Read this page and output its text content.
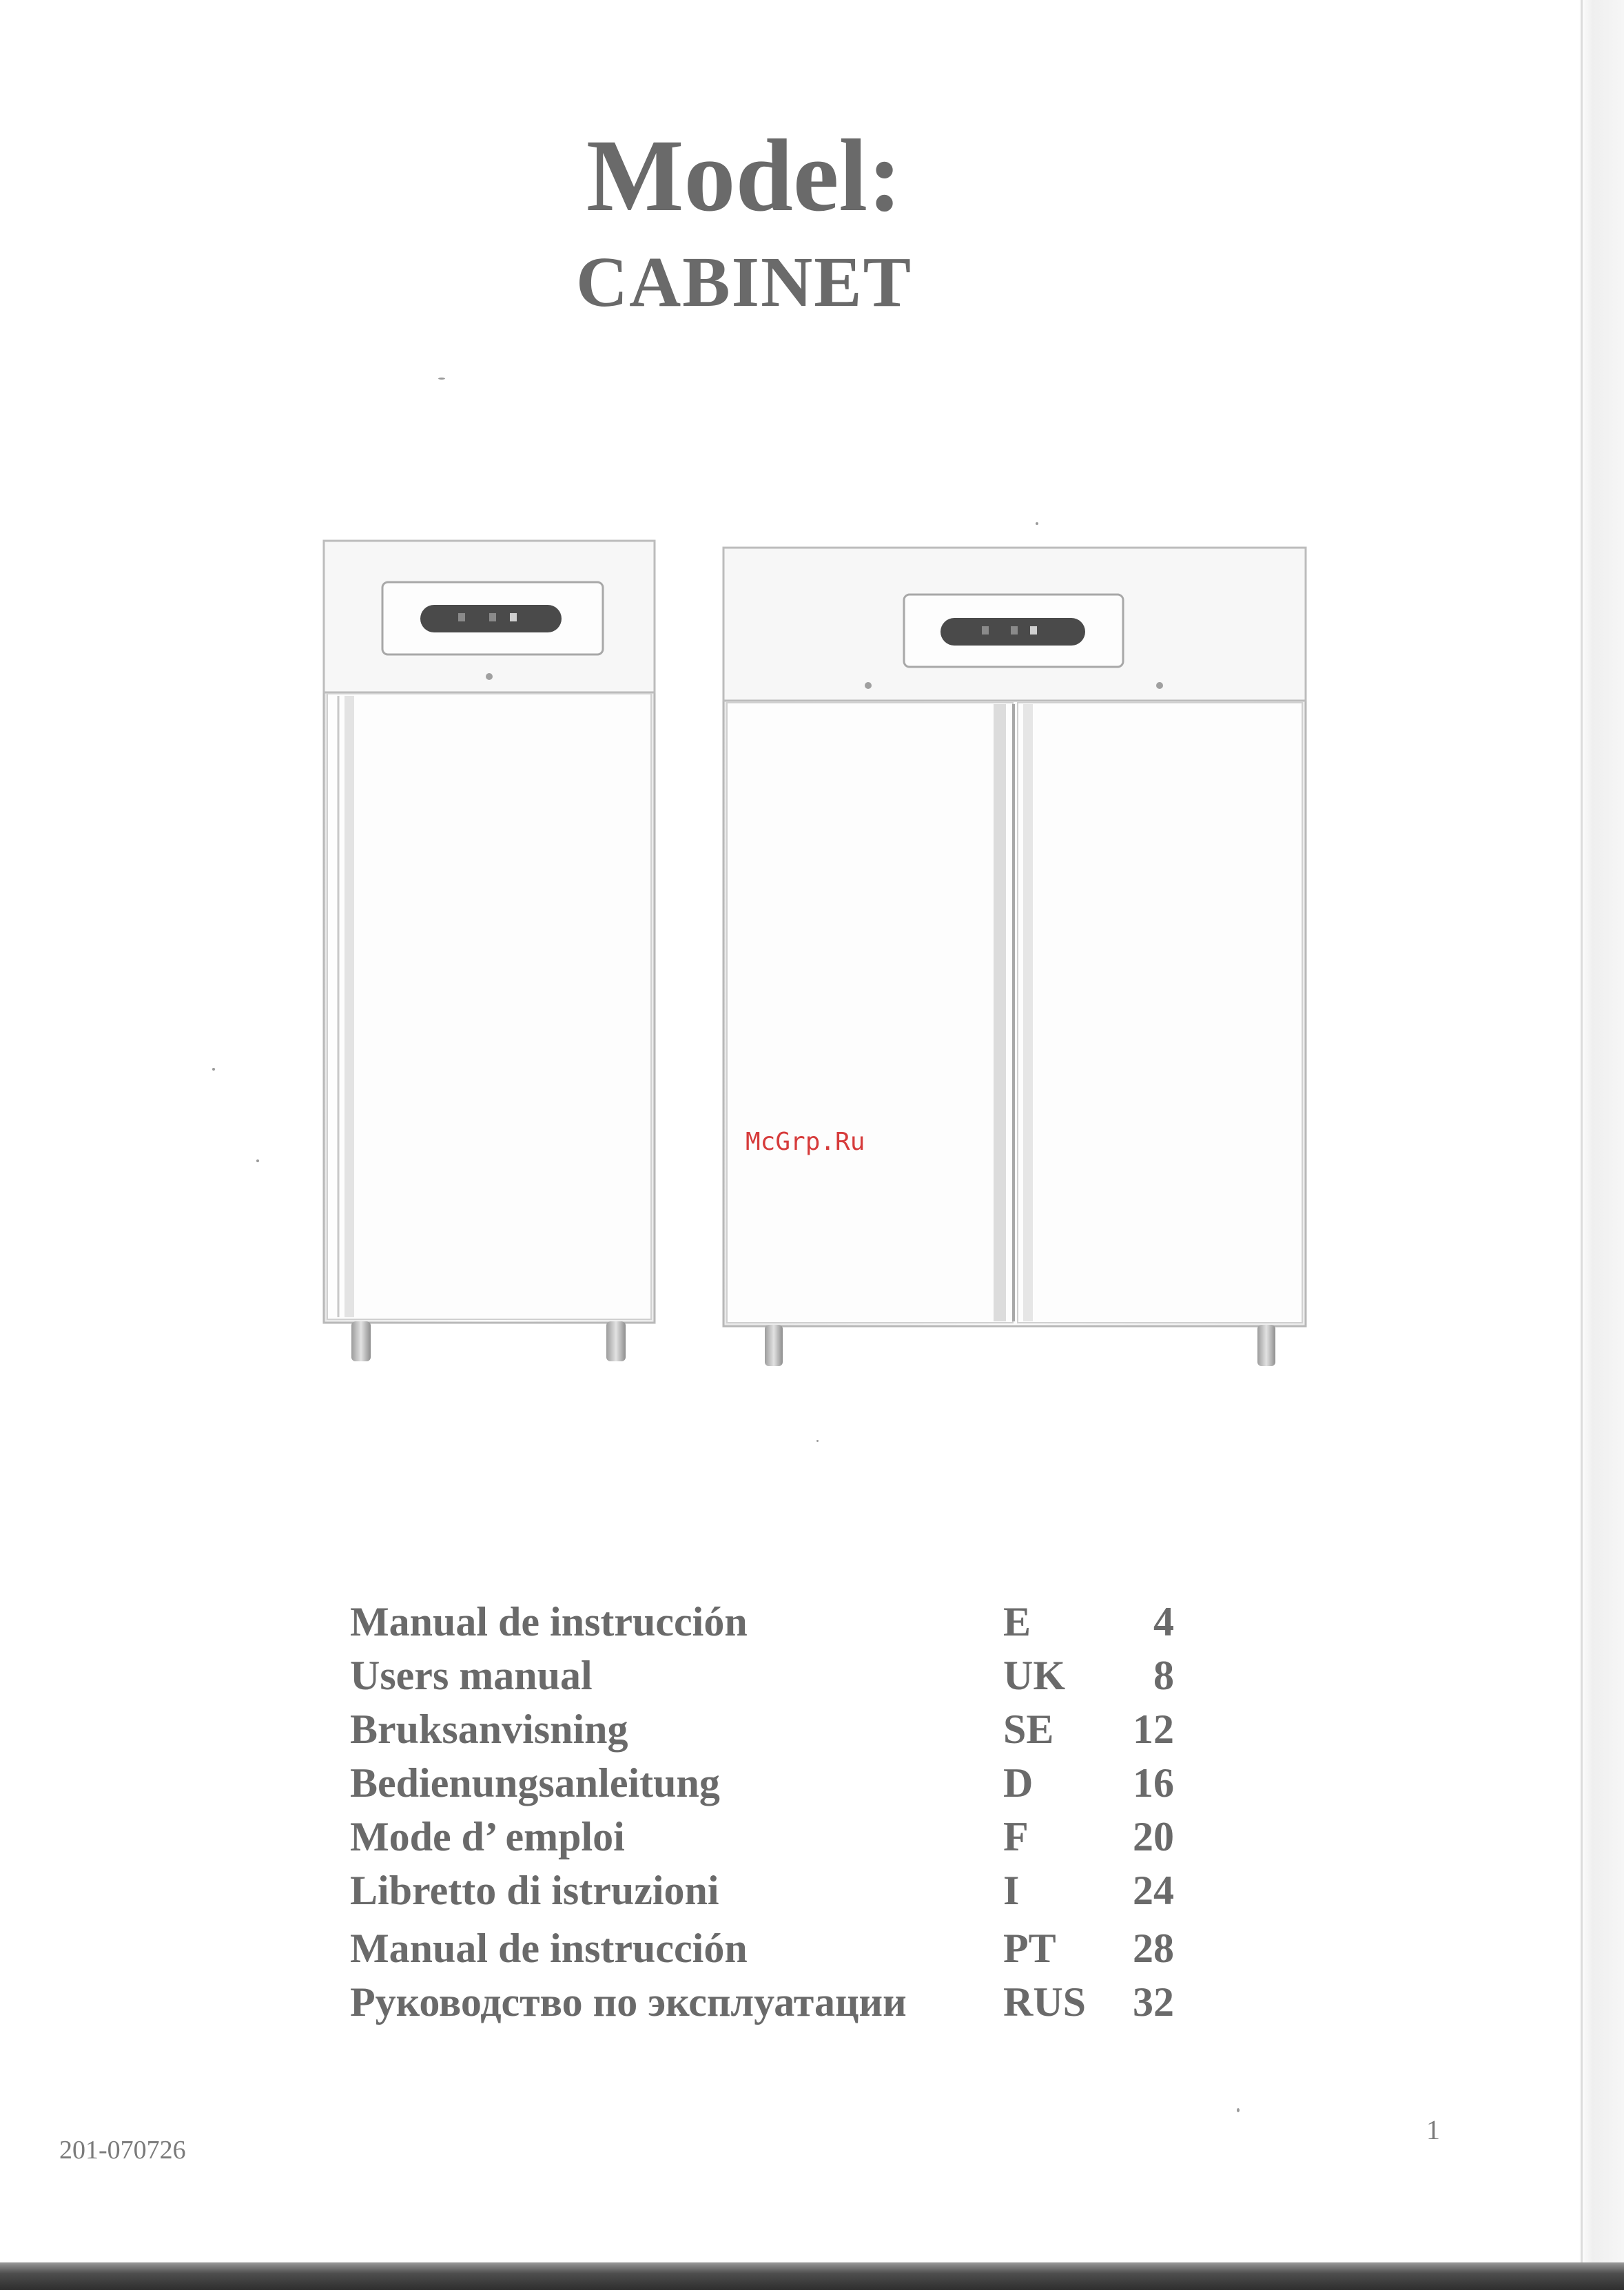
Model:
CABINET
McGrp.Ru
Manual de instrucción	E	4
Users manual	UK 8
Bruksanvisning	SE 12
Bedienungsanleitung	D 16
Mode d’ emploi	F	20
Libretto di istruzioni	I	24
Manual de instrucción	PT 28
Руководство по эксплуатации RUS 32
201-070726
1
